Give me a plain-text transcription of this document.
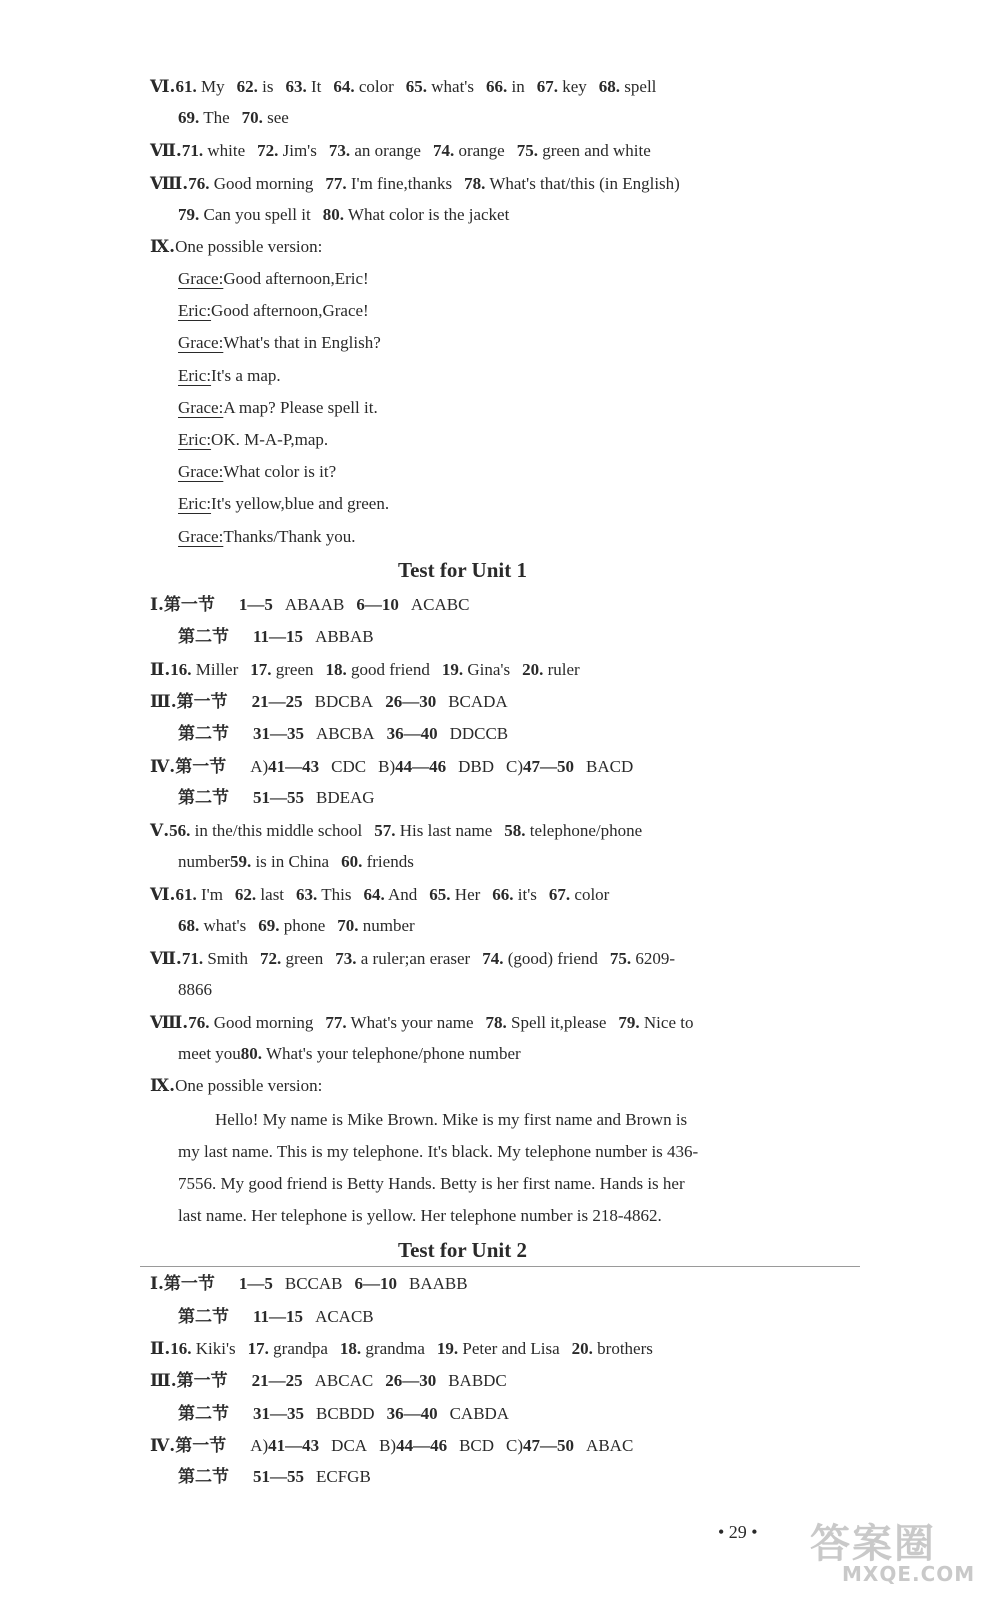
Ⅵ.61. My 62. is 63. It 64. color 65. what's 66. in 67. key 68. spell
69. The 70. see
Ⅶ.71. white 72. Jim's 73. an orange 74. orange 75. green and white
Ⅷ.76. Good morning 77. I'm fine,thanks 78. What's that/this (in English)
79. Can you spell it 80. What color is the jacket
Ⅸ.One possible version:
Grace:Good afternoon,Eric!
Eric:Good afternoon,Grace!
Grace:What's that in English?
Eric:It's a map.
Grace:A map? Please spell it.
Eric:OK. M-A-P,map.
Grace:What color is it?
Eric:It's yellow,blue and green.
Grace:Thanks/Thank you.
Test for Unit 1
Ⅰ.第一节 1—5 ABAAB 6—10 ACABC
第二节 11—15 ABBAB
Ⅱ.16. Miller 17. green 18. good friend 19. Gina's 20. ruler
Ⅲ.第一节 21—25 BDCBA 26—30 BCADA
第二节 31—35 ABCBA 36—40 DDCCB
Ⅳ.第一节 A)41—43 CDC B)44—46 DBD C)47—50 BACD
第二节 51—55 BDEAG
Ⅴ.56. in the/this middle school 57. His last name 58. telephone/phone
number59. is in China 60. friends
Ⅵ.61. I'm 62. last 63. This 64. And 65. Her 66. it's 67. color
68. what's 69. phone 70. number
Ⅶ.71. Smith 72. green 73. a ruler;an eraser 74. (good) friend 75. 6209-
8866
Ⅷ.76. Good morning 77. What's your name 78. Spell it,please 79. Nice to
meet you80. What's your telephone/phone number
Ⅸ.One possible version:
Hello! My name is Mike Brown. Mike is my first name and Brown is
my last name. This is my telephone. It's black. My telephone number is 436-
7556. My good friend is Betty Hands. Betty is her first name. Hands is her
last name. Her telephone is yellow. Her telephone number is 218-4862.
Test for Unit 2
Ⅰ.第一节 1—5 BCCAB 6—10 BAABB
第二节 11—15 ACACB
Ⅱ.16. Kiki's 17. grandpa 18. grandma 19. Peter and Lisa 20. brothers
Ⅲ.第一节 21—25 ABCAC 26—30 BABDC
第二节 31—35 BCBDD 36—40 CABDA
Ⅳ.第一节 A)41—43 DCA B)44—46 BCD C)47—50 ABAC
第二节 51—55 ECFGB
• 29 • 答案圈
MXQE.COM
